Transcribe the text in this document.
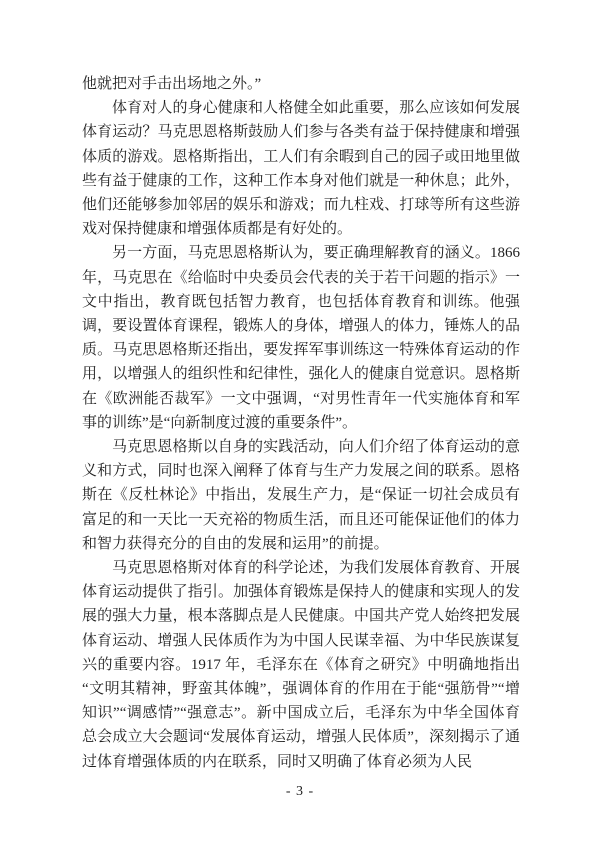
他就把对手击出场地之外。”

体育对人的身心健康和人格健全如此重要，那么应该如何发展体育运动？马克思恩格斯鼓励人们参与各类有益于保持健康和增强体质的游戏。恩格斯指出，工人们有余暇到自己的园子或田地里做些有益于健康的工作，这种工作本身对他们就是一种休息；此外，他们还能够参加邻居的娱乐和游戏；而九柱戏、打球等所有这些游戏对保持健康和增强体质都是有好处的。

另一方面，马克思恩格斯认为，要正确理解教育的涵义。1866 年，马克思在《给临时中央委员会代表的关于若干问题的指示》一文中指出，教育既包括智力教育，也包括体育教育和训练。他强调，要设置体育课程，锻炼人的身体，增强人的体力，锤炼人的品质。马克思恩格斯还指出，要发挥军事训练这一特殊体育运动的作用，以增强人的组织性和纪律性，强化人的健康自觉意识。恩格斯在《欧洲能否裁军》一文中强调，“对男性青年一代实施体育和军事的训练”是“向新制度过渡的重要条件”。

马克思恩格斯以自身的实践活动，向人们介绍了体育运动的意义和方式，同时也深入阐释了体育与生产力发展之间的联系。恩格斯在《反杜林论》中指出，发展生产力，是“保证一切社会成员有富足的和一天比一天充裕的物质生活，而且还可能保证他们的体力和智力获得充分的自由的发展和运用”的前提。

马克思恩格斯对体育的科学论述，为我们发展体育教育、开展体育运动提供了指引。加强体育锻炼是保持人的健康和实现人的发展的强大力量，根本落脚点是人民健康。中国共产党人始终把发展体育运动、增强人民体质作为为中国人民谋幸福、为中华民族谋复兴的重要内容。1917 年，毛泽东在《体育之研究》中明确地指出“文明其精神，野蛮其体魄”，强调体育的作用在于能“强筋骨”“增知识”“调感情”“强意志”。新中国成立后，毛泽东为中华全国体育总会成立大会题词“发展体育运动，增强人民体质”，深刻揭示了通过体育增强体质的内在联系，同时又明确了体育必须为人民

- 3 -
